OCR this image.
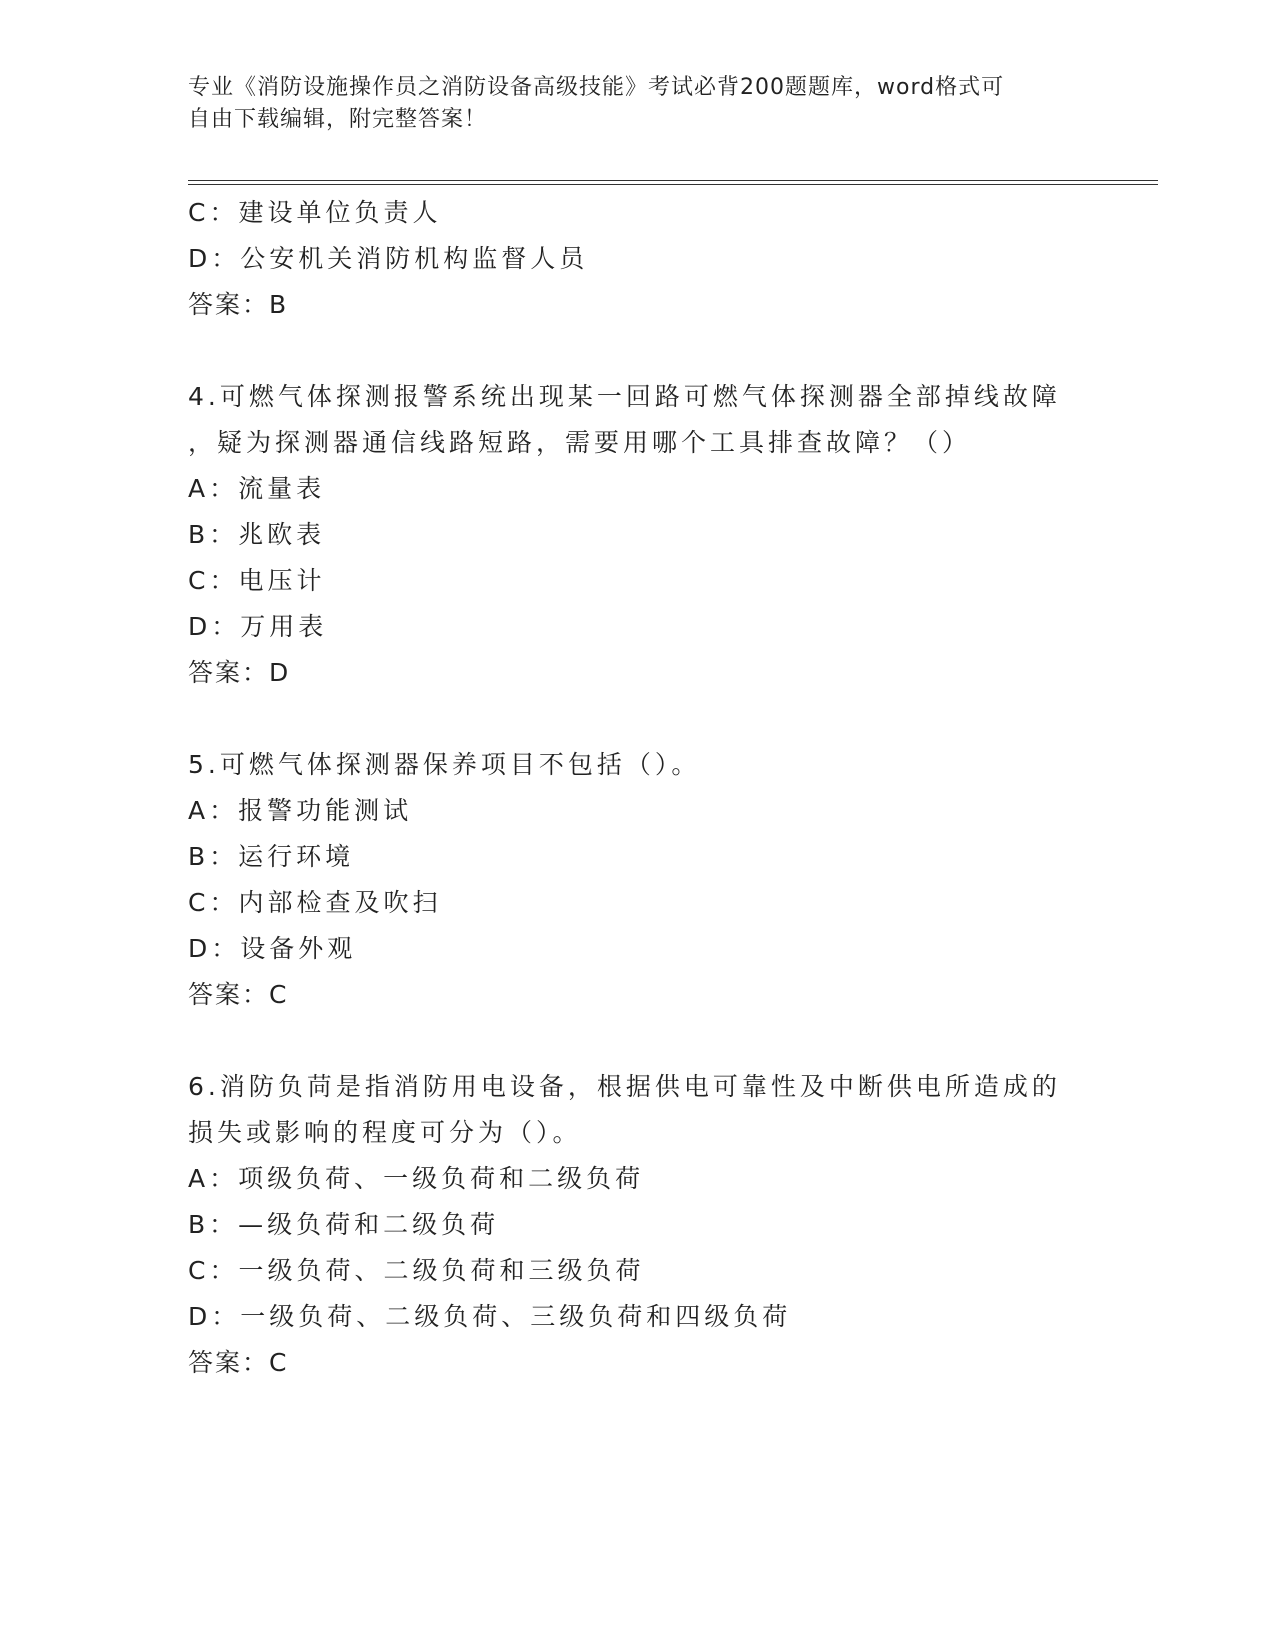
专业《消防设施操作员之消防设备高级技能》考试必背200题题库，word格式可
自由下载编辑，附完整答案！
C：建设单位负责人
D：公安机关消防机构监督人员
答案：B
4.可燃气体探测报警系统出现某一回路可燃气体探测器全部掉线故障
，疑为探测器通信线路短路，需要用哪个工具排查故障？（）
A：流量表
B：兆欧表
C：电压计
D：万用表
答案：D
5.可燃气体探测器保养项目不包括（）。
A：报警功能测试
B：运行环境
C：内部检查及吹扫
D：设备外观
答案：C
6.消防负苘是指消防用电设备，根据供电可靠性及中断供电所造成的
损失或影响的程度可分为（）。
A：项级负荷、一级负荷和二级负荷
B：—级负荷和二级负荷
C：一级负荷、二级负荷和三级负荷
D：一级负荷、二级负荷、三级负荷和四级负荷
答案：C
